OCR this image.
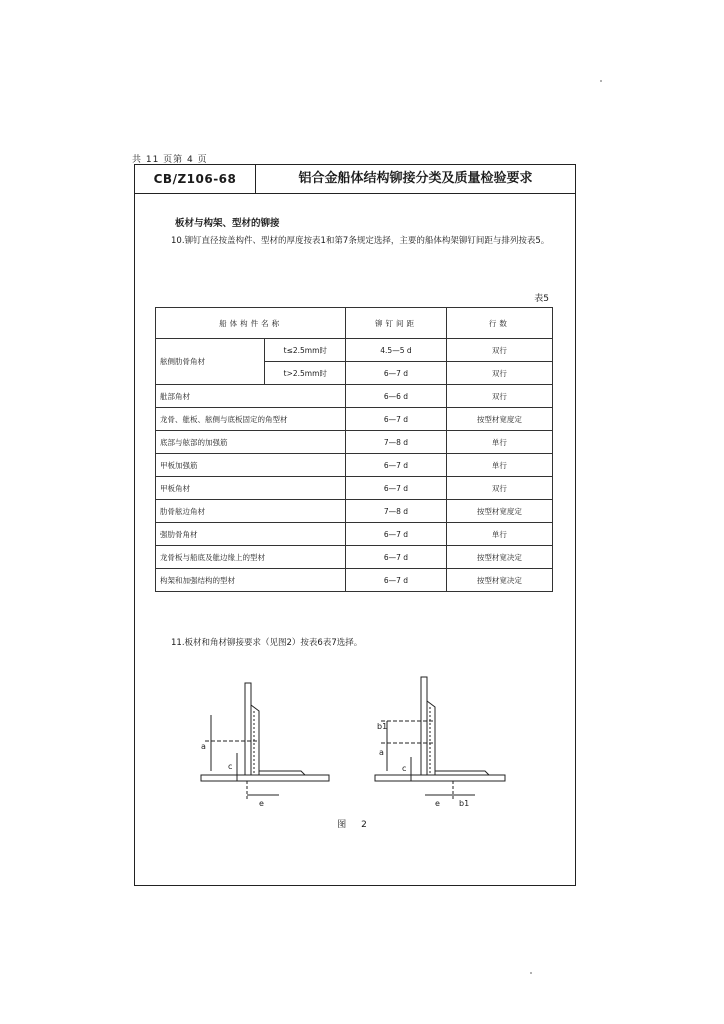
共 11 页第 4 页
CB/Z106-68	铝合金船体结构铆接分类及质量检验要求
板材与构架、型材的铆接
10.铆钉直径按盖构件、型材的厚度按表1和第7条规定选择，主要的船体构架铆钉间距与排列按表5。
表5
船体构件名称		铆钉间距	行数
舷侧肋骨角材	t≤2.5mm时	4.5—5 d	双行
	t>2.5mm时	6—7 d	双行
舭部角材		6—6 d	双行
龙骨、舭板、舷侧与底板固定的角型材		6—7 d	按型材宽度定
底部与舷部的加强筋		7—8 d	单行
甲板加强筋		6—7 d	单行
甲板角材		6—7 d	双行
肋骨舷边角材		7—8 d	按型材宽度定
强肋骨角材		6—7 d	单行
龙骨板与船底及舭边缘上的型材		6—7 d	按型材宽决定
构架和加强结构的型材		6—7 d	按型材宽决定
11.板材和角材铆接要求（见图2）按表6表7选择。
a
c
e
b1
a
c
e b1
图 2
